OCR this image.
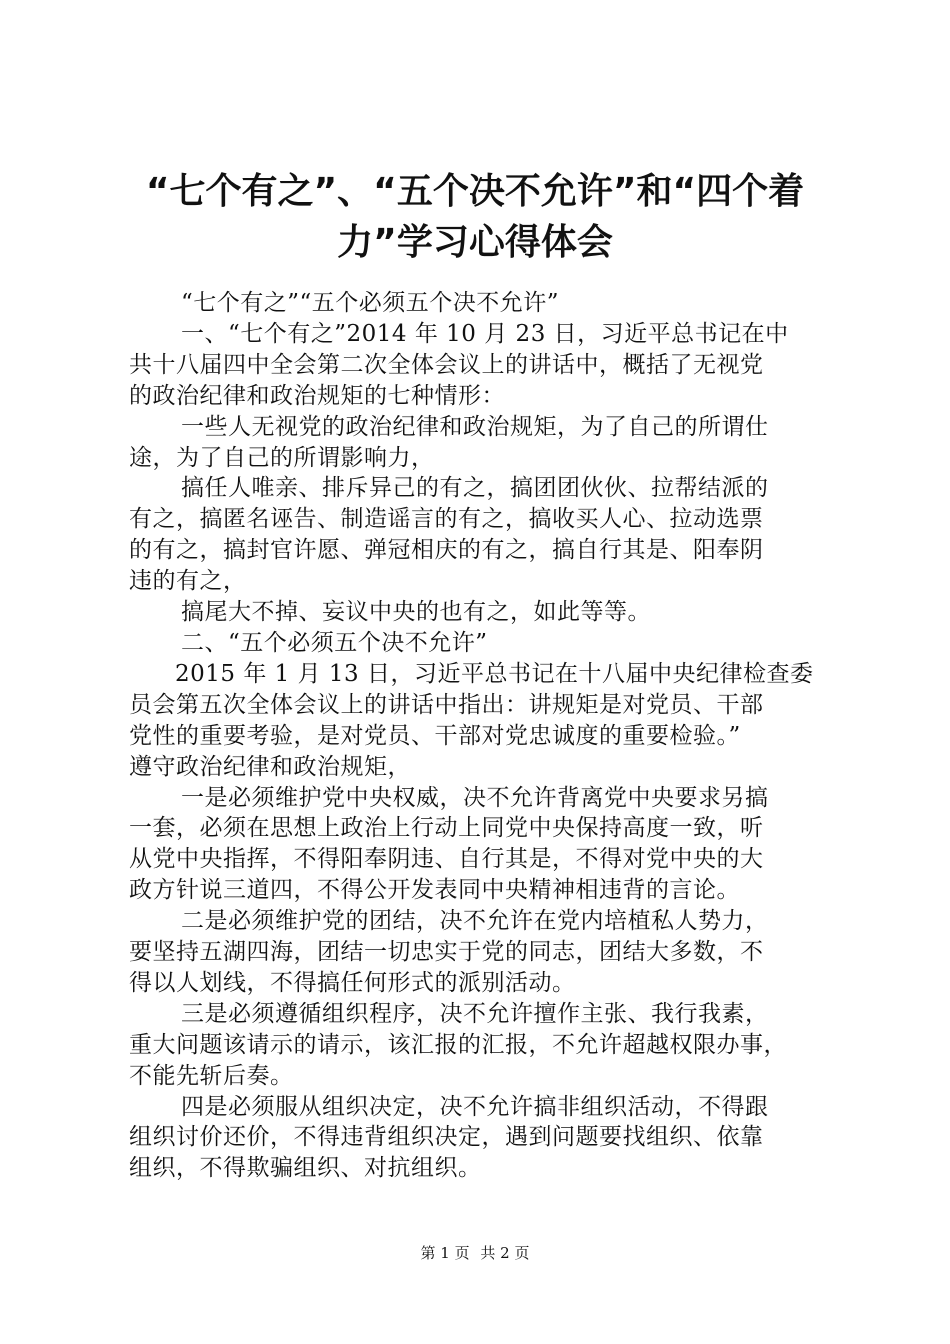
“七个有之”、“五个决不允许”和“四个着
力”学习心得体会

“七个有之”“五个必须五个决不允许”

一、“七个有之”2014 年 10 月 23 日，习近平总书记在中

共十八届四中全会第二次全体会议上的讲话中，概括了无视党

的政治纪律和政治规矩的七种情形：

一些人无视党的政治纪律和政治规矩，为了自己的所谓仕

途，为了自己的所谓影响力，

搞任人唯亲、排斥异己的有之，搞团团伙伙、拉帮结派的

有之，搞匿名诬告、制造谣言的有之，搞收买人心、拉动选票

的有之，搞封官许愿、弹冠相庆的有之，搞自行其是、阳奉阴

违的有之，

搞尾大不掉、妄议中央的也有之，如此等等。

二、“五个必须五个决不允许”

2015 年 1 月 13 日，习近平总书记在十八届中央纪律检查委

员会第五次全体会议上的讲话中指出：讲规矩是对党员、干部

党性的重要考验，是对党员、干部对党忠诚度的重要检验。”

遵守政治纪律和政治规矩，

一是必须维护党中央权威，决不允许背离党中央要求另搞

一套，必须在思想上政治上行动上同党中央保持高度一致，听

从党中央指挥，不得阳奉阴违、自行其是，不得对党中央的大

政方针说三道四，不得公开发表同中央精神相违背的言论。

二是必须维护党的团结，决不允许在党内培植私人势力，

要坚持五湖四海，团结一切忠实于党的同志，团结大多数，不

得以人划线，不得搞任何形式的派别活动。

三是必须遵循组织程序，决不允许擅作主张、我行我素，

重大问题该请示的请示，该汇报的汇报，不允许超越权限办事，

不能先斩后奏。

四是必须服从组织决定，决不允许搞非组织活动，不得跟

组织讨价还价，不得违背组织决定，遇到问题要找组织、依靠

组织，不得欺骗组织、对抗组织。

第 1 页 共 2 页
